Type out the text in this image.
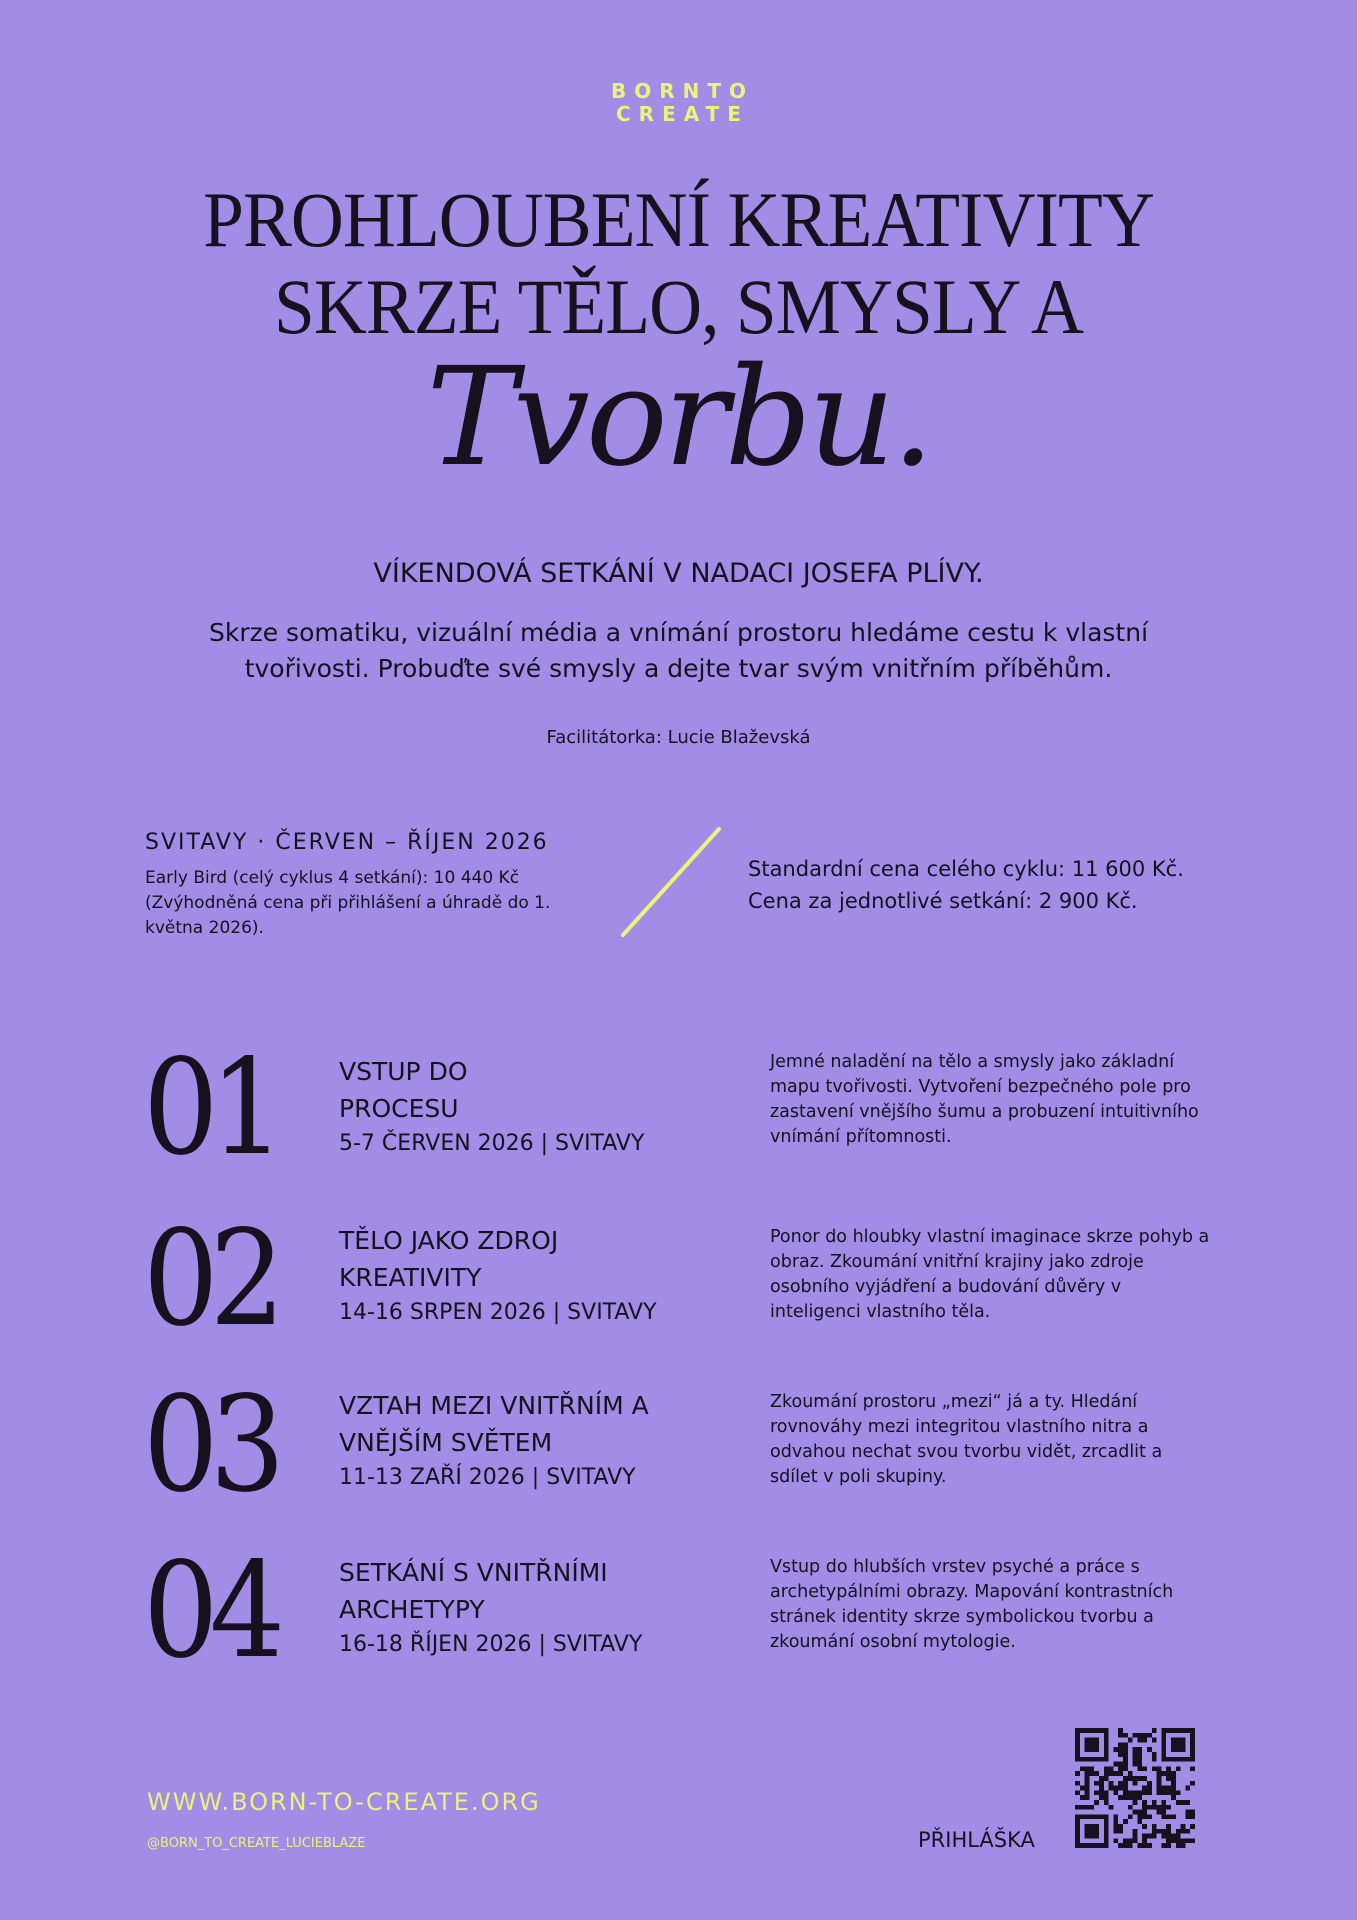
BORNTO
CREATE
PROHLOUBENÍ KREATIVITY
SKRZE TĚLO, SMYSLY A
Tvorbu.
VÍKENDOVÁ SETKÁNÍ V NADACI JOSEFA PLÍVY.
Skrze somatiku, vizuální média a vnímání prostoru hledáme cestu k vlastní tvořivosti. Probuďte své smysly a dejte tvar svým vnitřním příběhům.
Facilitátorka: Lucie Blaževská
SVITAVY · ČERVEN – ŘÍJEN 2026
Early Bird (celý cyklus 4 setkání): 10 440 Kč (Zvýhodněná cena při přihlášení a úhradě do 1. května 2026).
Standardní cena celého cyklu: 11 600 Kč.
Cena za jednotlivé setkání: 2 900 Kč.
01	VSTUP DO PROCESU
5-7 ČERVEN 2026 | SVITAVY
Jemné naladění na tělo a smysly jako základní mapu tvořivosti. Vytvoření bezpečného pole pro zastavení vnějšího šumu a probuzení intuitivního vnímání přítomnosti.
02	TĚLO JAKO ZDROJ KREATIVITY
14-16 SRPEN 2026 | SVITAVY
Ponor do hloubky vlastní imaginace skrze pohyb a obraz. Zkoumání vnitřní krajiny jako zdroje osobního vyjádření a budování důvěry v inteligenci vlastního těla.
03	VZTAH MEZI VNITŘNÍM A VNĚJŠÍM SVĚTEM
11-13 ZAŘÍ 2026 | SVITAVY
Zkoumání prostoru „mezi“ já a ty. Hledání rovnováhy mezi integritou vlastního nitra a odvahou nechat svou tvorbu vidět, zrcadlit a sdílet v poli skupiny.
04	SETKÁNÍ S VNITŘNÍMI ARCHETYPY
16-18 ŘÍJEN 2026 | SVITAVY
Vstup do hlubších vrstev psyché a práce s archetypálními obrazy. Mapování kontrastních stránek identity skrze symbolickou tvorbu a zkoumání osobní mytologie.
WWW.BORN-TO-CREATE.ORG
@BORN_TO_CREATE_LUCIEBLAZE	PŘIHLÁŠKA
